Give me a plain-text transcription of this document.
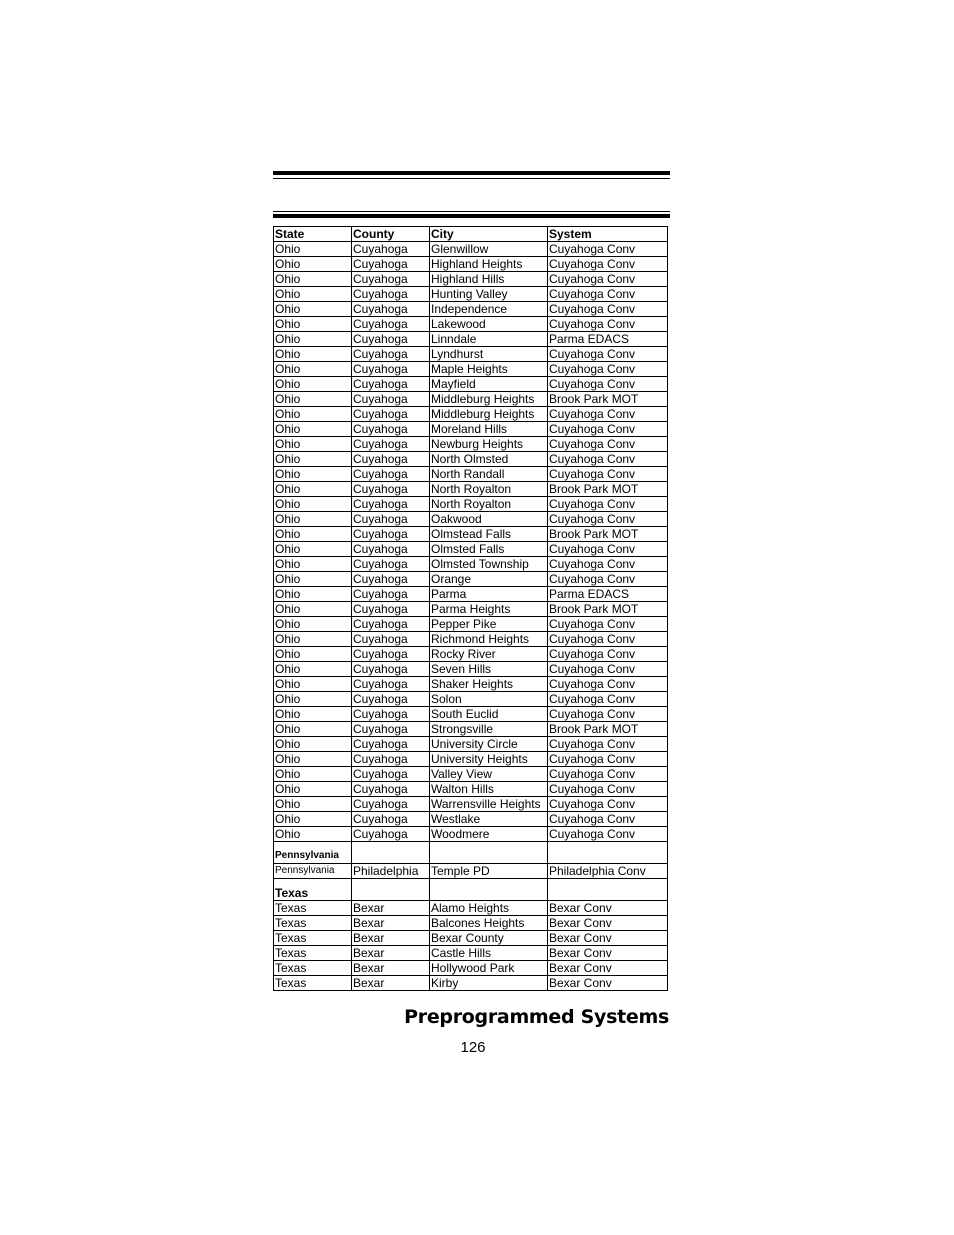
State	County	City	System
Ohio	Cuyahoga	Glenwillow	Cuyahoga Conv
Ohio	Cuyahoga	Highland Heights	Cuyahoga Conv
Ohio	Cuyahoga	Highland Hills	Cuyahoga Conv
Ohio	Cuyahoga	Hunting Valley	Cuyahoga Conv
Ohio	Cuyahoga	Independence	Cuyahoga Conv
Ohio	Cuyahoga	Lakewood	Cuyahoga Conv
Ohio	Cuyahoga	Linndale	Parma EDACS
Ohio	Cuyahoga	Lyndhurst	Cuyahoga Conv
Ohio	Cuyahoga	Maple Heights	Cuyahoga Conv
Ohio	Cuyahoga	Mayfield	Cuyahoga Conv
Ohio	Cuyahoga	Middleburg Heights	Brook Park MOT
Ohio	Cuyahoga	Middleburg Heights	Cuyahoga Conv
Ohio	Cuyahoga	Moreland Hills	Cuyahoga Conv
Ohio	Cuyahoga	Newburg Heights	Cuyahoga Conv
Ohio	Cuyahoga	North Olmsted	Cuyahoga Conv
Ohio	Cuyahoga	North Randall	Cuyahoga Conv
Ohio	Cuyahoga	North Royalton	Brook Park MOT
Ohio	Cuyahoga	North Royalton	Cuyahoga Conv
Ohio	Cuyahoga	Oakwood	Cuyahoga Conv
Ohio	Cuyahoga	Olmstead Falls	Brook Park MOT
Ohio	Cuyahoga	Olmsted Falls	Cuyahoga Conv
Ohio	Cuyahoga	Olmsted Township	Cuyahoga Conv
Ohio	Cuyahoga	Orange	Cuyahoga Conv
Ohio	Cuyahoga	Parma	Parma EDACS
Ohio	Cuyahoga	Parma Heights	Brook Park MOT
Ohio	Cuyahoga	Pepper Pike	Cuyahoga Conv
Ohio	Cuyahoga	Richmond Heights	Cuyahoga Conv
Ohio	Cuyahoga	Rocky River	Cuyahoga Conv
Ohio	Cuyahoga	Seven Hills	Cuyahoga Conv
Ohio	Cuyahoga	Shaker Heights	Cuyahoga Conv
Ohio	Cuyahoga	Solon	Cuyahoga Conv
Ohio	Cuyahoga	South Euclid	Cuyahoga Conv
Ohio	Cuyahoga	Strongsville	Brook Park MOT
Ohio	Cuyahoga	University Circle	Cuyahoga Conv
Ohio	Cuyahoga	University Heights	Cuyahoga Conv
Ohio	Cuyahoga	Valley View	Cuyahoga Conv
Ohio	Cuyahoga	Walton Hills	Cuyahoga Conv
Ohio	Cuyahoga	Warrensville Heights	Cuyahoga Conv
Ohio	Cuyahoga	Westlake	Cuyahoga Conv
Ohio	Cuyahoga	Woodmere	Cuyahoga Conv
Pennsylvania			
Pennsylvania	Philadelphia	Temple PD	Philadelphia Conv
Texas			
Texas	Bexar	Alamo Heights	Bexar Conv
Texas	Bexar	Balcones Heights	Bexar Conv
Texas	Bexar	Bexar County	Bexar Conv
Texas	Bexar	Castle Hills	Bexar Conv
Texas	Bexar	Hollywood Park	Bexar Conv
Texas	Bexar	Kirby	Bexar Conv
Preprogrammed Systems
126
